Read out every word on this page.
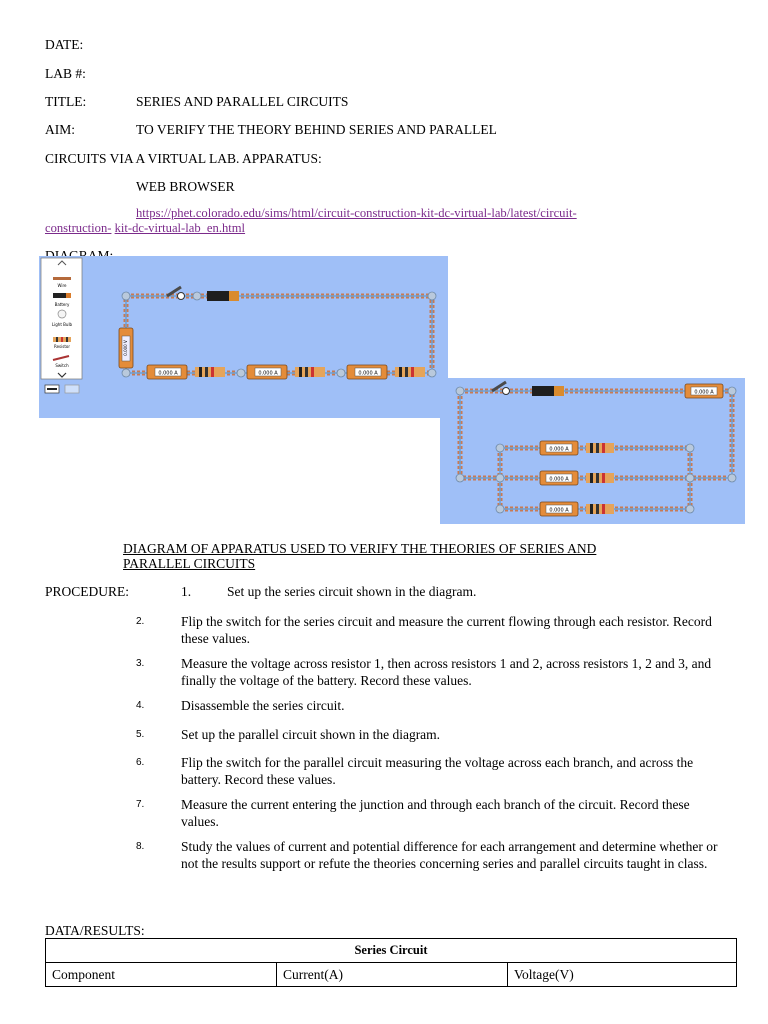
DATE:
LAB #:
TITLE:	SERIES AND PARALLEL CIRCUITS
AIM:	TO VERIFY THE THEORY BEHIND SERIES AND PARALLEL
CIRCUITS VIA A VIRTUAL LAB. APPARATUS:
WEB BROWSER
https://phet.colorado.edu/sims/html/circuit-construction-kit-dc-virtual-lab/latest/circuit-
construction- kit-dc-virtual-lab_en.html
Wire
Battery
Light Bulb
Resistor
Switch
0.000 V
0.000 A	0.000 A	0.000 A
0.000 A
0.000 A
0.000 A
0.000 A
DIAGRAM OF APPARATUS USED TO VERIFY THE THEORIES OF SERIES AND
PARALLEL CIRCUITS
PROCEDURE:	1.	Set up the series circuit shown in the diagram.
2.	Flip the switch for the series circuit and measure the current flowing through each resistor. Record these values.
3.	Measure the voltage across resistor 1, then across resistors 1 and 2, across resistors 1, 2 and 3, and finally the voltage of the battery. Record these values.
4.	Disassemble the series circuit.
5.	Set up the parallel circuit shown in the diagram.
6.	Flip the switch for the parallel circuit measuring the voltage across each branch, and across the battery. Record these values.
7.	Measure the current entering the junction and through each branch of the circuit. Record these values.
8.	Study the values of current and potential difference for each arrangement and determine whether or not the results support or refute the theories concerning series and parallel circuits taught in class.
DATA/RESULTS:
Series Circuit
Component	Current(A)	Voltage(V)
